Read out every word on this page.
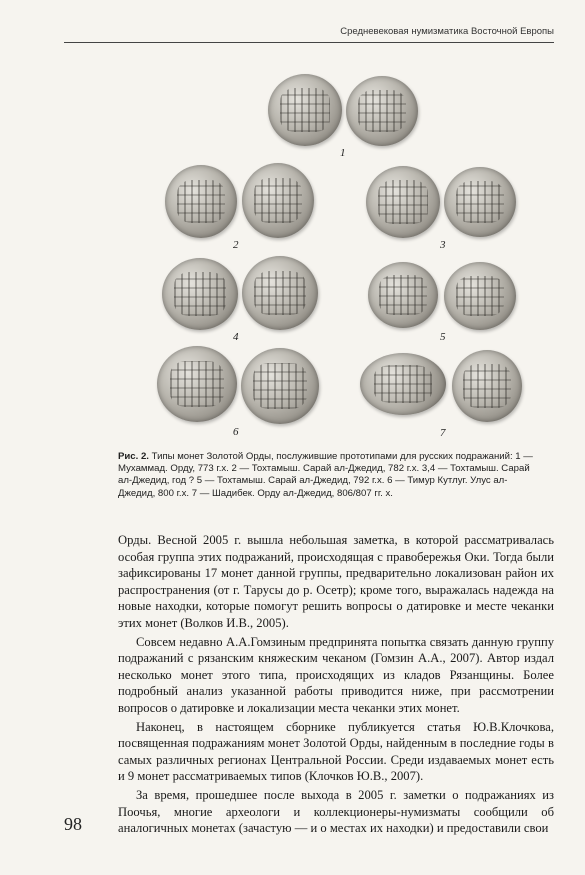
Средневековая нумизматика Восточной Европы
1
2	3
4	5
6	7
Рис. 2. Типы монет Золотой Орды, послужившие прототипами для русских подражаний: 1 — Мухаммад. Орду, 773 г.х. 2 — Тохтамыш. Сарай ал-Джедид, 782 г.х. 3,4 — Тохтамыш. Сарай ал-Джедид, год ? 5 — Тохтамыш. Сарай ал-Джедид, 792 г.х. 6 — Тимур Кутлуг. Улус ал-Джедид, 800 г.х. 7 — Шадибек. Орду ал-Джедид, 806/807 гг. х.

Орды. Весной 2005 г. вышла небольшая заметка, в которой рассматривалась особая группа этих подражаний, происходящая с правобережья Оки. Тогда были зафиксированы 17 монет данной группы, предварительно локализован район их распространения (от г. Тарусы до р. Осетр); кроме того, выражалась надежда на новые находки, которые помогут решить вопросы о датировке и месте чеканки этих монет (Волков И.В., 2005).

Совсем недавно А.А.Гомзиным предпринята попытка связать данную группу подражаний с рязанским княжеским чеканом (Гомзин А.А., 2007). Автор издал несколько монет этого типа, происходящих из кладов Рязанщины. Более подробный анализ указанной работы приводится ниже, при рассмотрении вопросов о датировке и локализации места чеканки этих монет.

Наконец, в настоящем сборнике публикуется статья Ю.В.Клочкова, посвященная подражаниям монет Золотой Орды, найденным в последние годы в самых различных регионах Центральной России. Среди издаваемых монет есть и 9 монет рассматриваемых типов (Клочков Ю.В., 2007).

За время, прошедшее после выхода в 2005 г. заметки о подражаниях из Поочья, многие археологи и коллекционеры-нумизматы сообщили об аналогичных монетах (зачастую — и о местах их находки) и предоставили свои

98
